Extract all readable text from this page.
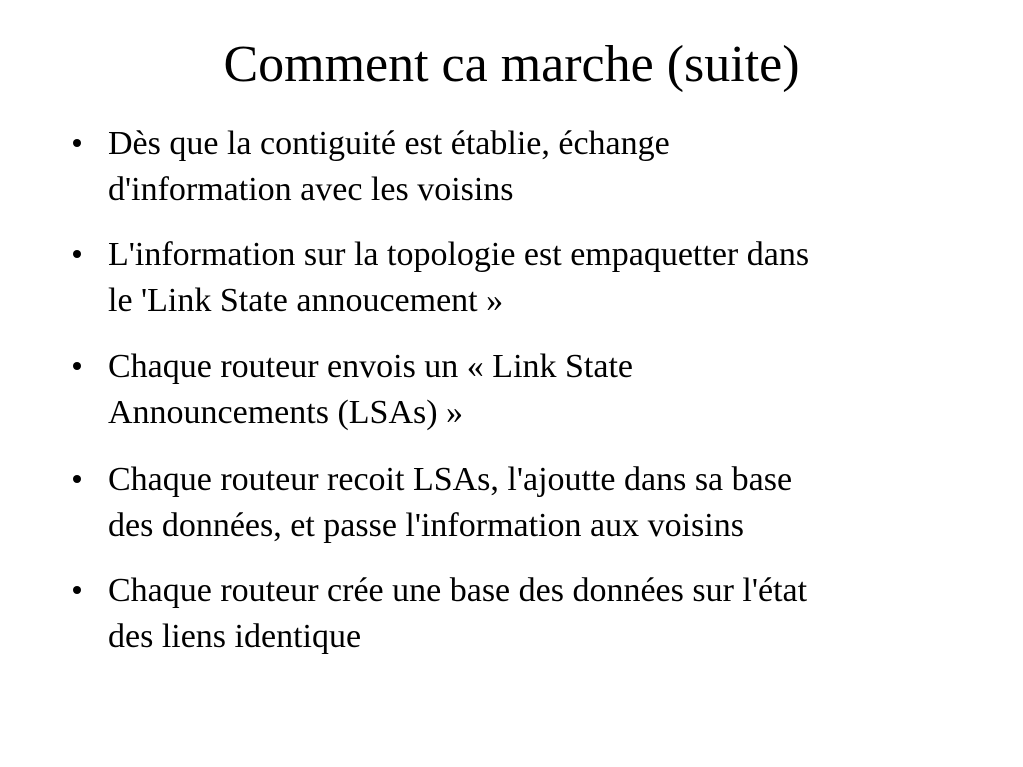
Comment ca marche (suite)

Dès que la contiguité est établie, échange
d'information avec les voisins

L'information sur la topologie est empaquetter dans
le 'Link State annoucement »

Chaque routeur envois un « Link State
Announcements (LSAs) »

Chaque routeur recoit LSAs, l'ajoutte dans sa base
des données, et passe l'information aux voisins

Chaque routeur crée une base des données sur l'état
des liens identique
